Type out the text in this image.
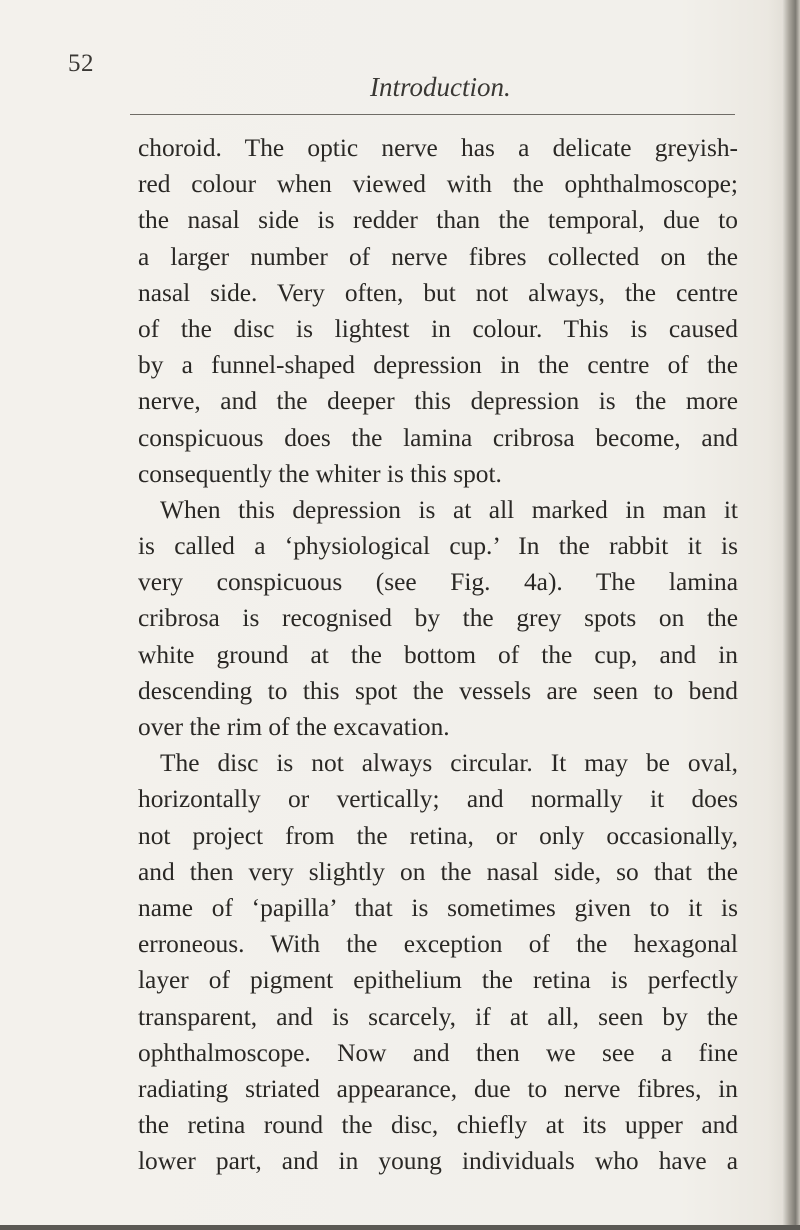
52
Introduction.
choroid. The optic nerve has a delicate greyish-
red colour when viewed with the ophthalmoscope;
the nasal side is redder than the temporal, due to
a larger number of nerve fibres collected on the
nasal side. Very often, but not always, the centre
of the disc is lightest in colour. This is caused
by a funnel-shaped depression in the centre of the
nerve, and the deeper this depression is the more
conspicuous does the lamina cribrosa become, and
consequently the whiter is this spot.
When this depression is at all marked in man it
is called a ‘physiological cup.’ In the rabbit it is
very conspicuous (see Fig. 4a). The lamina
cribrosa is recognised by the grey spots on the
white ground at the bottom of the cup, and in
descending to this spot the vessels are seen to bend
over the rim of the excavation.
The disc is not always circular. It may be oval,
horizontally or vertically; and normally it does
not project from the retina, or only occasionally,
and then very slightly on the nasal side, so that the
name of ‘papilla’ that is sometimes given to it is
erroneous. With the exception of the hexagonal
layer of pigment epithelium the retina is perfectly
transparent, and is scarcely, if at all, seen by the
ophthalmoscope. Now and then we see a fine
radiating striated appearance, due to nerve fibres, in
the retina round the disc, chiefly at its upper and
lower part, and in young individuals who have a
